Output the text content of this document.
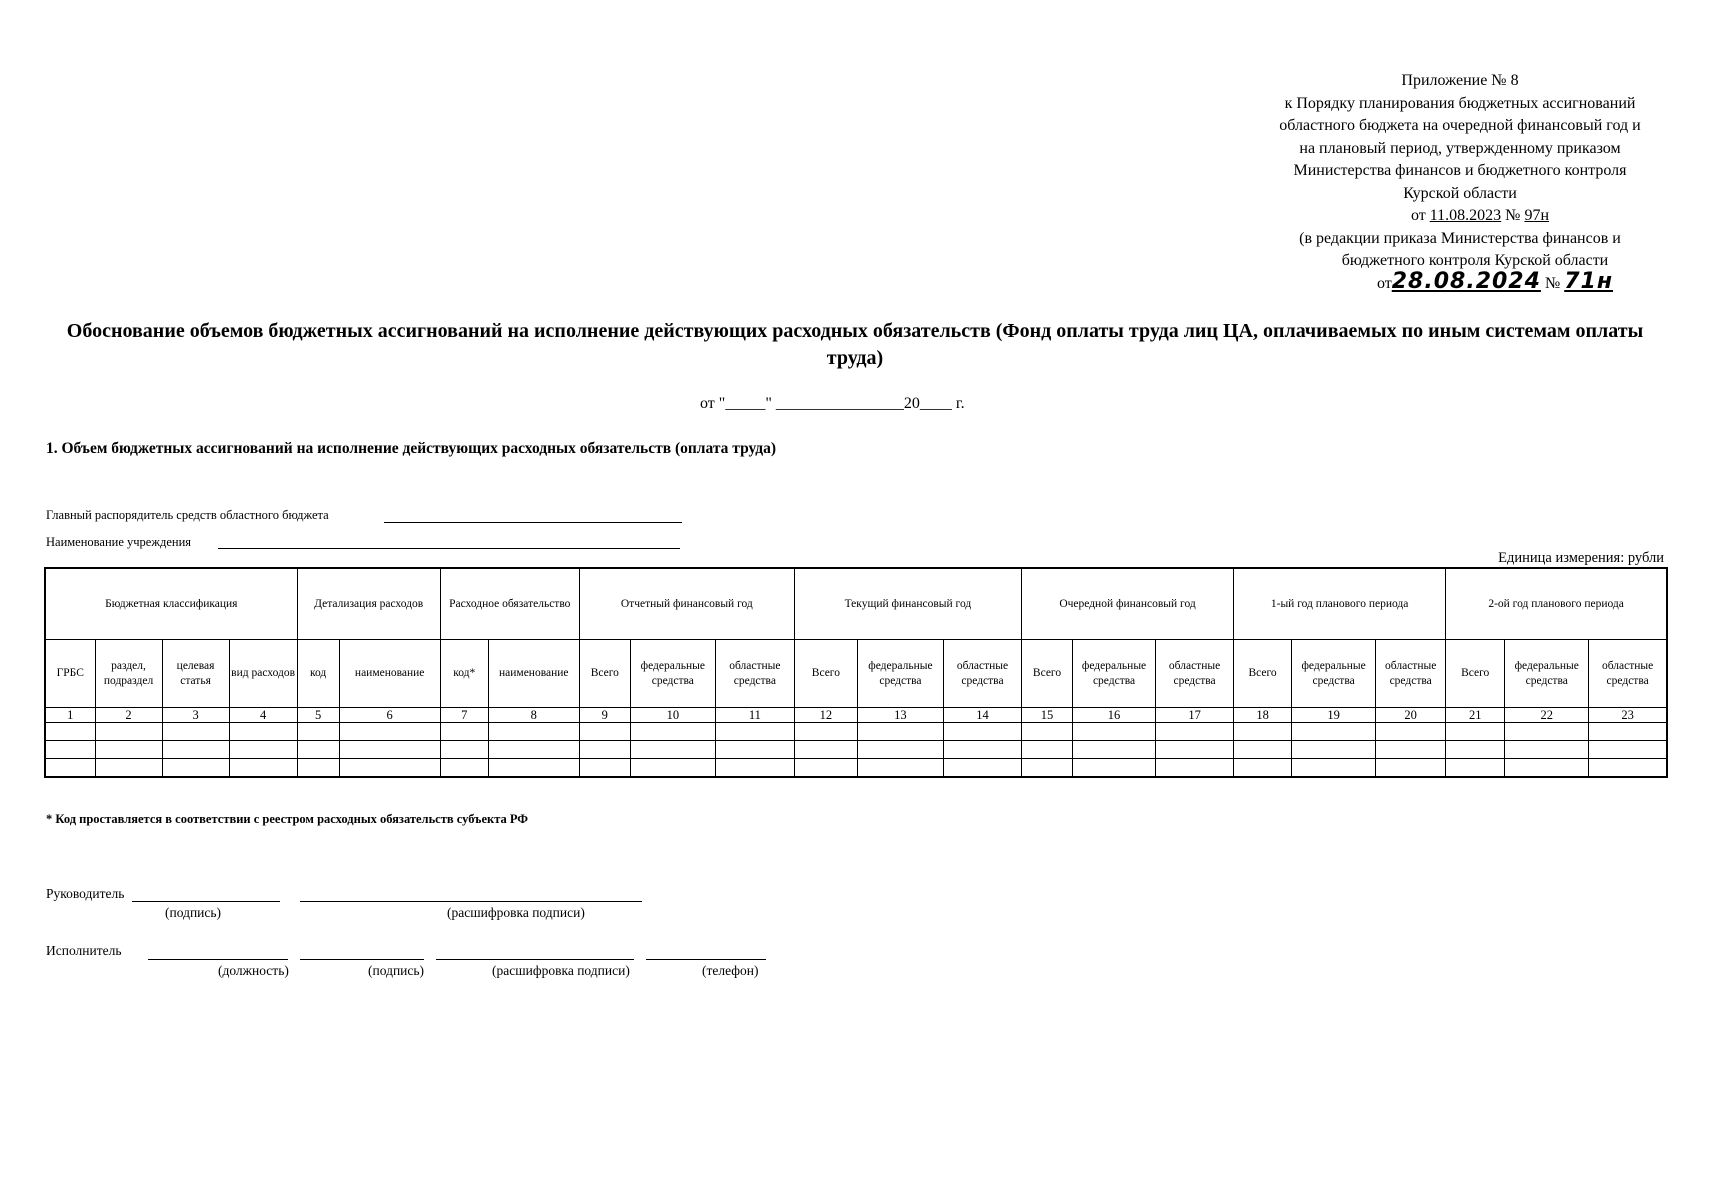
Приложение № 8
к Порядку планирования бюджетных ассигнований
областного бюджета на очередной финансовый год и
на плановый период, утвержденному приказом
Министерства финансов и бюджетного контроля
Курской области
от 11.08.2023 № 97н
(в редакции приказа Министерства финансов и
бюджетного контроля Курской области
от28.08.2024 № 71н
Обоснование объемов бюджетных ассигнований на исполнение действующих расходных обязательств (Фонд оплаты труда лиц ЦА, оплачиваемых по иным системам оплаты труда)
от "_____" ________________20____ г.
1. Объем бюджетных ассигнований на исполнение действующих расходных обязательств (оплата труда)
Главный распорядитель средств областного бюджета
Наименование учреждения
Единица измерения: рубли
Бюджетная классификация				Детализация расходов		Расходное обязательство		Отчетный финансовый год			Текущий финансовый год			Очередной финансовый год			1-ый год планового периода			2-ой год планового периода		
ГРБС	раздел, подраздел	целевая статья	вид расходов	код	наименование	код*	наименование	Всего	федеральные средства	областные средства	Всего	федеральные средства	областные средства	Всего	федеральные средства	областные средства	Всего	федеральные средства	областные средства	Всего	федеральные средства	областные средства
1	2	3	4	5	6	7	8	9	10	11	12	13	14	15	16	17	18	19	20	21	22	23

* Код проставляется в соответствии с реестром расходных обязательств субъекта РФ
Руководитель
(подпись)	(расшифровка подписи)
Исполнитель
(должность)	(подпись)	(расшифровка подписи)	(телефон)
